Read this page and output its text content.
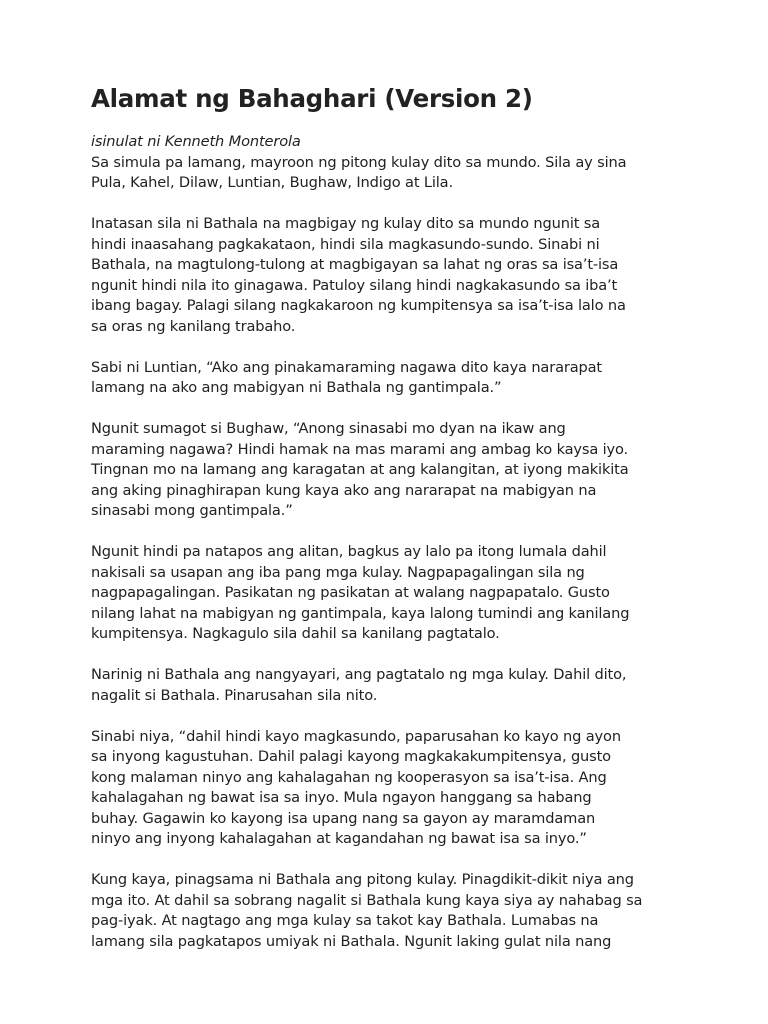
Alamat ng Bahaghari (Version 2)

isinulat ni Kenneth Monterola

Sa simula pa lamang, mayroon ng pitong kulay dito sa mundo. Sila ay sina
Pula, Kahel, Dilaw, Luntian, Bughaw, Indigo at Lila.

Inatasan sila ni Bathala na magbigay ng kulay dito sa mundo ngunit sa
hindi inaasahang pagkakataon, hindi sila magkasundo-sundo. Sinabi ni
Bathala, na magtulong-tulong at magbigayan sa lahat ng oras sa isa’t-isa
ngunit hindi nila ito ginagawa. Patuloy silang hindi nagkakasundo sa iba’t
ibang bagay. Palagi silang nagkakaroon ng kumpitensya sa isa’t-isa lalo na
sa oras ng kanilang trabaho.

Sabi ni Luntian, “Ako ang pinakamaraming nagawa dito kaya nararapat
lamang na ako ang mabigyan ni Bathala ng gantimpala.”

Ngunit sumagot si Bughaw, “Anong sinasabi mo dyan na ikaw ang
maraming nagawa? Hindi hamak na mas marami ang ambag ko kaysa iyo.
Tingnan mo na lamang ang karagatan at ang kalangitan, at iyong makikita
ang aking pinaghirapan kung kaya ako ang nararapat na mabigyan na
sinasabi mong gantimpala.”

Ngunit hindi pa natapos ang alitan, bagkus ay lalo pa itong lumala dahil
nakisali sa usapan ang iba pang mga kulay. Nagpapagalingan sila ng
nagpapagalingan. Pasikatan ng pasikatan at walang nagpapatalo. Gusto
nilang lahat na mabigyan ng gantimpala, kaya lalong tumindi ang kanilang
kumpitensya. Nagkagulo sila dahil sa kanilang pagtatalo.

Narinig ni Bathala ang nangyayari, ang pagtatalo ng mga kulay. Dahil dito,
nagalit si Bathala. Pinarusahan sila nito.

Sinabi niya, “dahil hindi kayo magkasundo, paparusahan ko kayo ng ayon
sa inyong kagustuhan. Dahil palagi kayong magkakakumpitensya, gusto
kong malaman ninyo ang kahalagahan ng kooperasyon sa isa’t-isa. Ang
kahalagahan ng bawat isa sa inyo. Mula ngayon hanggang sa habang
buhay. Gagawin ko kayong isa upang nang sa gayon ay maramdaman
ninyo ang inyong kahalagahan at kagandahan ng bawat isa sa inyo.”

Kung kaya, pinagsama ni Bathala ang pitong kulay. Pinagdikit-dikit niya ang
mga ito. At dahil sa sobrang nagalit si Bathala kung kaya siya ay nahabag sa
pag-iyak. At nagtago ang mga kulay sa takot kay Bathala. Lumabas na
lamang sila pagkatapos umiyak ni Bathala. Ngunit laking gulat nila nang
